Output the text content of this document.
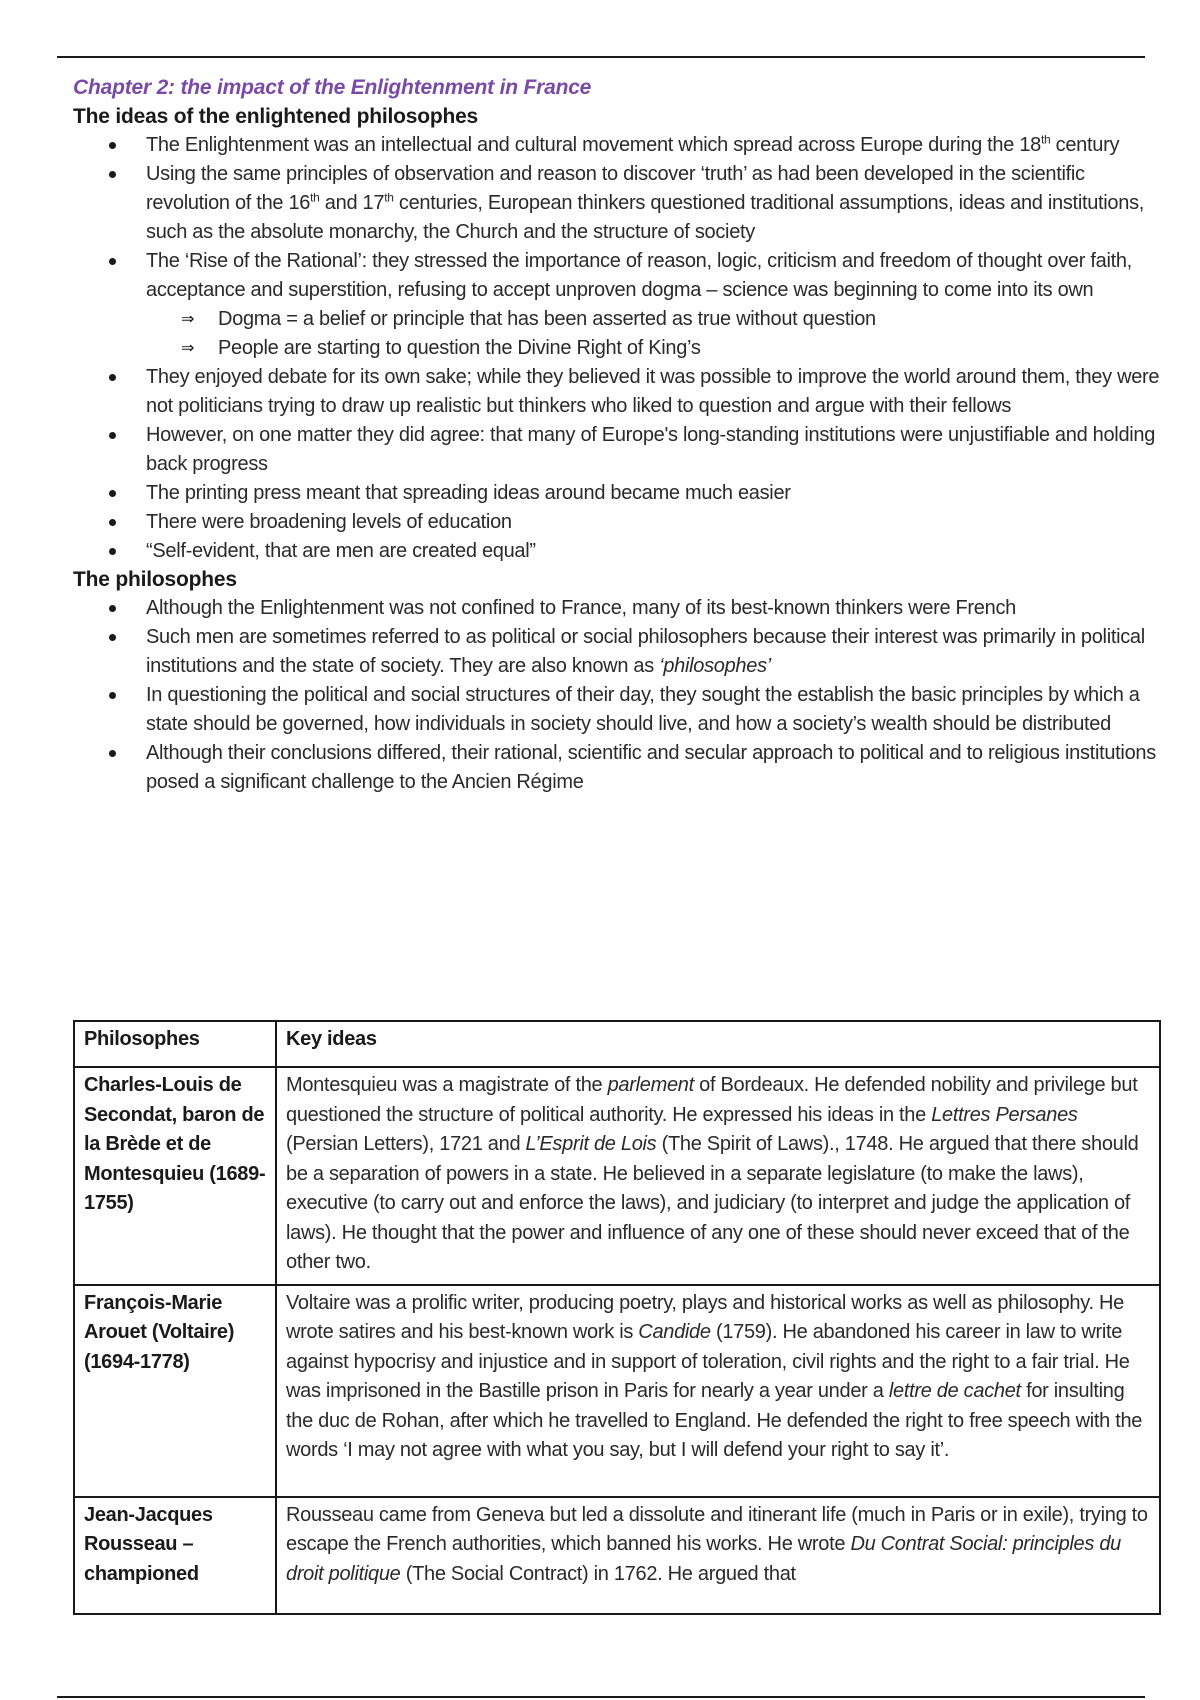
Chapter 2: the impact of the Enlightenment in France
The ideas of the enlightened philosophes
The Enlightenment was an intellectual and cultural movement which spread across Europe during the 18th century
Using the same principles of observation and reason to discover ‘truth’ as had been developed in the scientific revolution of the 16th and 17th centuries, European thinkers questioned traditional assumptions, ideas and institutions, such as the absolute monarchy, the Church and the structure of society
The ‘Rise of the Rational’: they stressed the importance of reason, logic, criticism and freedom of thought over faith, acceptance and superstition, refusing to accept unproven dogma – science was beginning to come into its own
⇒ Dogma = a belief or principle that has been asserted as true without question
⇒ People are starting to question the Divine Right of King’s
They enjoyed debate for its own sake; while they believed it was possible to improve the world around them, they were not politicians trying to draw up realistic but thinkers who liked to question and argue with their fellows
However, on one matter they did agree: that many of Europe's long-standing institutions were unjustifiable and holding back progress
The printing press meant that spreading ideas around became much easier
There were broadening levels of education
“Self-evident, that are men are created equal”
The philosophes
Although the Enlightenment was not confined to France, many of its best-known thinkers were French
Such men are sometimes referred to as political or social philosophers because their interest was primarily in political institutions and the state of society. They are also known as ‘philosophes’
In questioning the political and social structures of their day, they sought the establish the basic principles by which a state should be governed, how individuals in society should live, and how a society’s wealth should be distributed
Although their conclusions differed, their rational, scientific and secular approach to political and to religious institutions posed a significant challenge to the Ancien Régime
Philosophes	Key ideas
Charles-Louis de Secondat, baron de la Brède et de Montesquieu (1689-1755)	Montesquieu was a magistrate of the parlement of Bordeaux. He defended nobility and privilege but questioned the structure of political authority. He expressed his ideas in the Lettres Persanes (Persian Letters), 1721 and L’Esprit de Lois (The Spirit of Laws)., 1748. He argued that there should be a separation of powers in a state. He believed in a separate legislature (to make the laws), executive (to carry out and enforce the laws), and judiciary (to interpret and judge the application of laws). He thought that the power and influence of any one of these should never exceed that of the other two.
François-Marie Arouet (Voltaire) (1694-1778)	Voltaire was a prolific writer, producing poetry, plays and historical works as well as philosophy. He wrote satires and his best-known work is Candide (1759). He abandoned his career in law to write against hypocrisy and injustice and in support of toleration, civil rights and the right to a fair trial. He was imprisoned in the Bastille prison in Paris for nearly a year under a lettre de cachet for insulting the duc de Rohan, after which he travelled to England. He defended the right to free speech with the words ‘I may not agree with what you say, but I will defend your right to say it’.
Jean-Jacques Rousseau – championed	Rousseau came from Geneva but led a dissolute and itinerant life (much in Paris or in exile), trying to escape the French authorities, which banned his works. He wrote Du Contrat Social: principles du droit politique (The Social Contract) in 1762. He argued that
